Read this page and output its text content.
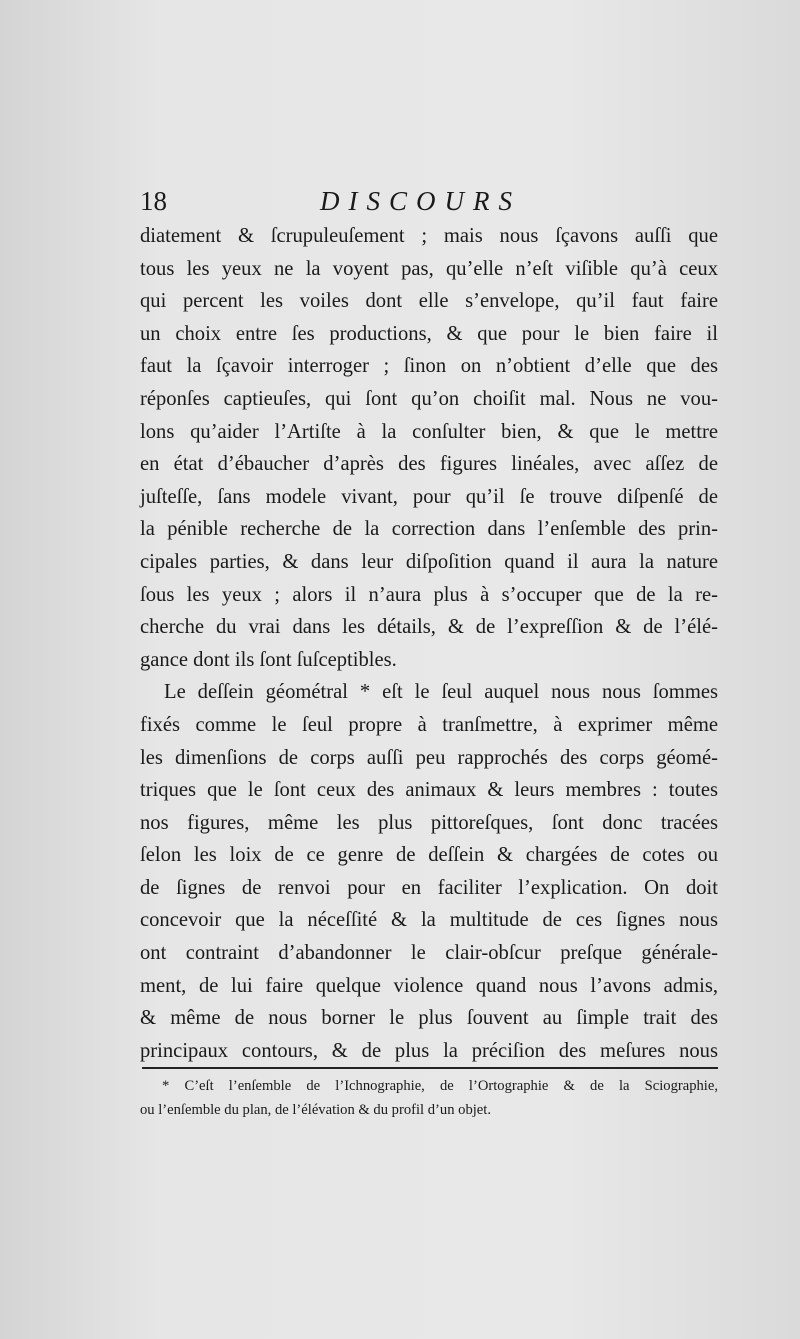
18	DISCOURS
diatement & ſcrupuleuſement ; mais nous ſçavons auſſi que
tous les yeux ne la voyent pas, qu’elle n’eſt viſible qu’à ceux
qui percent les voiles dont elle s’envelope, qu’il faut faire
un choix entre ſes productions, & que pour le bien faire il
faut la ſçavoir interroger ; ſinon on n’obtient d’elle que des
réponſes captieuſes, qui ſont qu’on choiſit mal. Nous ne vou-
lons qu’aider l’Artiſte à la conſulter bien, & que le mettre
en état d’ébaucher d’après des figures linéales, avec aſſez de
juſteſſe, ſans modele vivant, pour qu’il ſe trouve diſpenſé de
la pénible recherche de la correction dans l’enſemble des prin-
cipales parties, & dans leur diſpoſition quand il aura la nature
ſous les yeux ; alors il n’aura plus à s’occuper que de la re-
cherche du vrai dans les détails, & de l’expreſſion & de l’élé-
gance dont ils ſont ſuſceptibles.
Le deſſein géométral * eſt le ſeul auquel nous nous ſommes
fixés comme le ſeul propre à tranſmettre, à exprimer même
les dimenſions de corps auſſi peu rapprochés des corps géomé-
triques que le ſont ceux des animaux & leurs membres : toutes
nos figures, même les plus pittoreſques, ſont donc tracées
ſelon les loix de ce genre de deſſein & chargées de cotes ou
de ſignes de renvoi pour en faciliter l’explication. On doit
concevoir que la néceſſité & la multitude de ces ſignes nous
ont contraint d’abandonner le clair-obſcur preſque générale-
ment, de lui faire quelque violence quand nous l’avons admis,
& même de nous borner le plus ſouvent au ſimple trait des
principaux contours, & de plus la préciſion des meſures nous
* C’eſt l’enſemble de l’Ichnographie, de l’Ortographie & de la Sciographie,
ou l’enſemble du plan, de l’élévation & du profil d’un objet.
